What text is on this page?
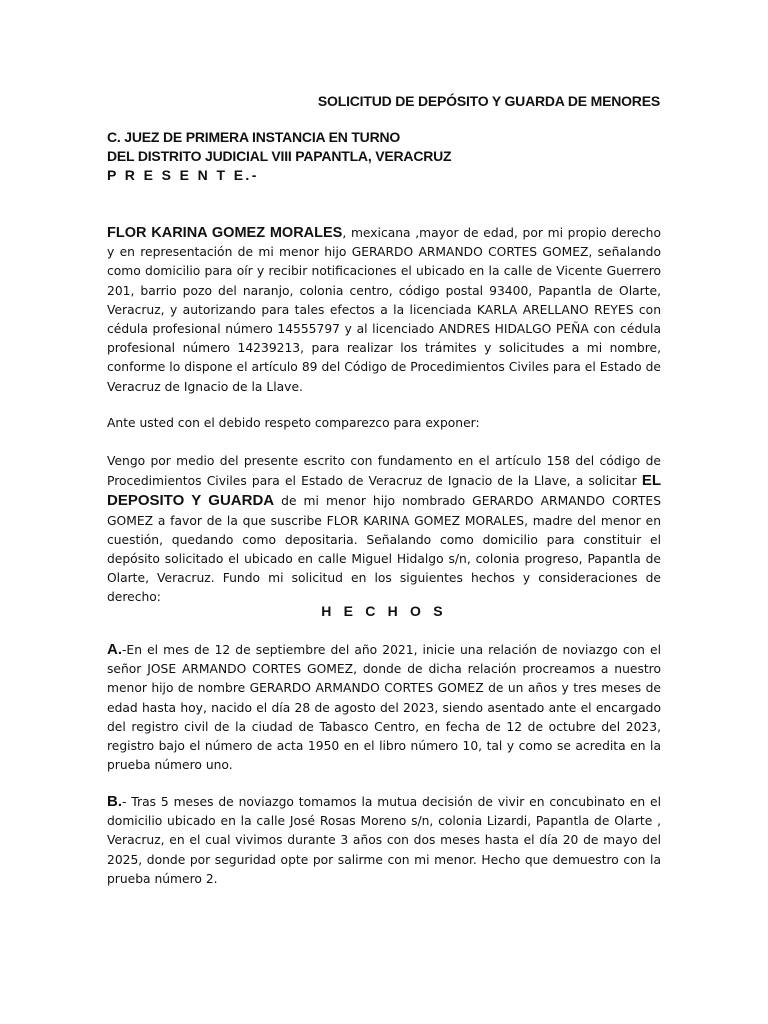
SOLICITUD DE DEPÓSITO Y GUARDA DE MENORES

C. JUEZ DE PRIMERA INSTANCIA EN TURNO
DEL DISTRITO JUDICIAL VIII PAPANTLA, VERACRUZ
P R E S E N T E.-

FLOR KARINA GOMEZ MORALES, mexicana ,mayor de edad, por mi propio derecho y en representación de mi menor hijo GERARDO ARMANDO CORTES GOMEZ, señalando como domicilio para oír y recibir notificaciones el ubicado en la calle de Vicente Guerrero 201, barrio pozo del naranjo, colonia centro, código postal 93400, Papantla de Olarte, Veracruz, y autorizando para tales efectos a la licenciada KARLA ARELLANO REYES con cédula profesional número 14555797 y al licenciado ANDRES HIDALGO PEÑA con cédula profesional número 14239213, para realizar los trámites y solicitudes a mi nombre, conforme lo dispone el artículo 89 del Código de Procedimientos Civiles para el Estado de Veracruz de Ignacio de la Llave.

Ante usted con el debido respeto comparezco para exponer:

Vengo por medio del presente escrito con fundamento en el artículo 158 del código de Procedimientos Civiles para el Estado de Veracruz de Ignacio de la Llave, a solicitar EL DEPOSITO Y GUARDA de mi menor hijo nombrado GERARDO ARMANDO CORTES GOMEZ a favor de la que suscribe FLOR KARINA GOMEZ MORALES, madre del menor en cuestión, quedando como depositaria. Señalando como domicilio para constituir el depósito solicitado el ubicado en calle Miguel Hidalgo s/n, colonia progreso, Papantla de Olarte, Veracruz. Fundo mi solicitud en los siguientes hechos y consideraciones de derecho:

H E C H O S

A.-En el mes de 12 de septiembre del año 2021, inicie una relación de noviazgo con el señor JOSE ARMANDO CORTES GOMEZ, donde de dicha relación procreamos a nuestro menor hijo de nombre GERARDO ARMANDO CORTES GOMEZ de un años y tres meses de edad hasta hoy, nacido el día 28 de agosto del 2023, siendo asentado ante el encargado del registro civil de la ciudad de Tabasco Centro, en fecha de 12 de octubre del 2023, registro bajo el número de acta 1950 en el libro número 10, tal y como se acredita en la prueba número uno.

B.- Tras 5 meses de noviazgo tomamos la mutua decisión de vivir en concubinato en el domicilio ubicado en la calle José Rosas Moreno s/n, colonia Lizardi, Papantla de Olarte , Veracruz, en el cual vivimos durante 3 años con dos meses hasta el día 20 de mayo del 2025, donde por seguridad opte por salirme con mi menor. Hecho que demuestro con la prueba número 2.
